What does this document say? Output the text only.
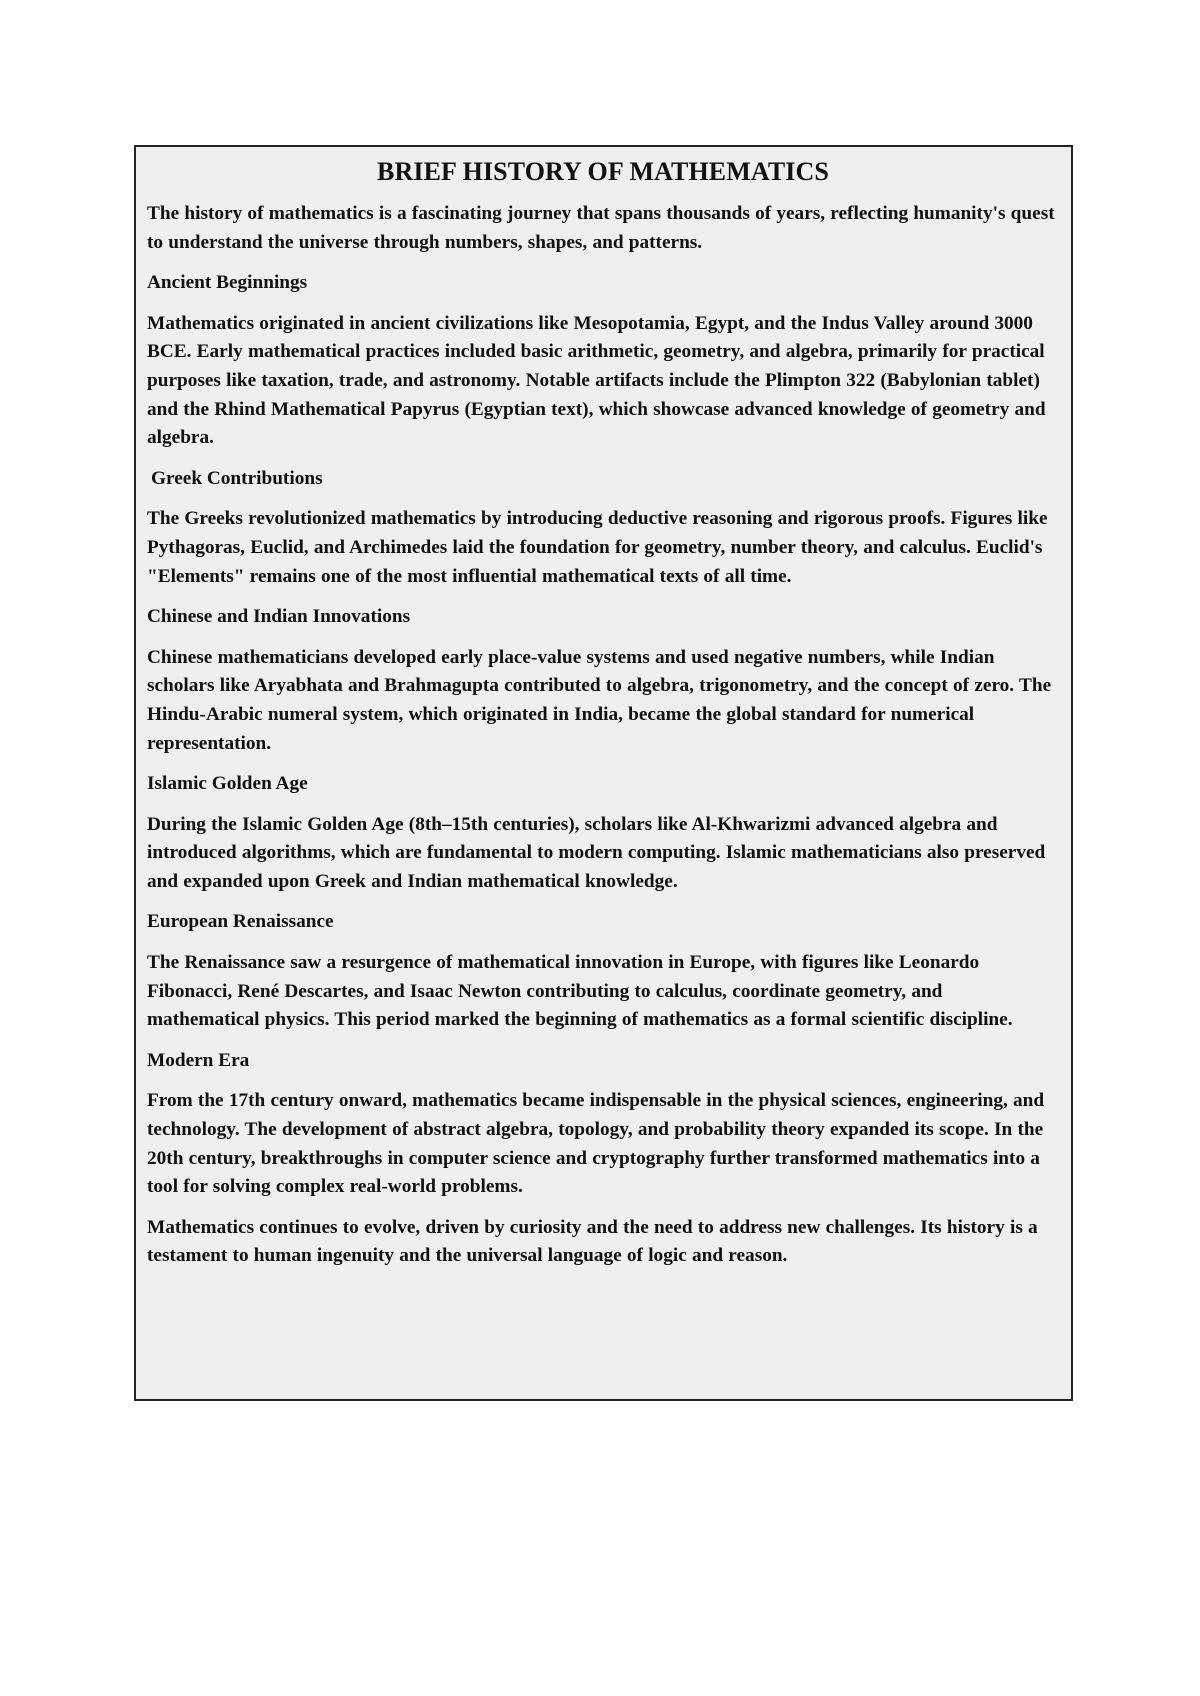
BRIEF HISTORY OF MATHEMATICS

The history of mathematics is a fascinating journey that spans thousands of years, reflecting humanity's quest to understand the universe through numbers, shapes, and patterns.

Ancient Beginnings

Mathematics originated in ancient civilizations like Mesopotamia, Egypt, and the Indus Valley around 3000 BCE. Early mathematical practices included basic arithmetic, geometry, and algebra, primarily for practical purposes like taxation, trade, and astronomy. Notable artifacts include the Plimpton 322 (Babylonian tablet) and the Rhind Mathematical Papyrus (Egyptian text), which showcase advanced knowledge of geometry and algebra.

Greek Contributions

The Greeks revolutionized mathematics by introducing deductive reasoning and rigorous proofs. Figures like Pythagoras, Euclid, and Archimedes laid the foundation for geometry, number theory, and calculus. Euclid's "Elements" remains one of the most influential mathematical texts of all time.

Chinese and Indian Innovations

Chinese mathematicians developed early place-value systems and used negative numbers, while Indian scholars like Aryabhata and Brahmagupta contributed to algebra, trigonometry, and the concept of zero. The Hindu-Arabic numeral system, which originated in India, became the global standard for numerical representation.

Islamic Golden Age

During the Islamic Golden Age (8th–15th centuries), scholars like Al-Khwarizmi advanced algebra and introduced algorithms, which are fundamental to modern computing. Islamic mathematicians also preserved and expanded upon Greek and Indian mathematical knowledge.

European Renaissance

The Renaissance saw a resurgence of mathematical innovation in Europe, with figures like Leonardo Fibonacci, René Descartes, and Isaac Newton contributing to calculus, coordinate geometry, and mathematical physics. This period marked the beginning of mathematics as a formal scientific discipline.

Modern Era

From the 17th century onward, mathematics became indispensable in the physical sciences, engineering, and technology. The development of abstract algebra, topology, and probability theory expanded its scope. In the 20th century, breakthroughs in computer science and cryptography further transformed mathematics into a tool for solving complex real-world problems.

Mathematics continues to evolve, driven by curiosity and the need to address new challenges. Its history is a testament to human ingenuity and the universal language of logic and reason.
